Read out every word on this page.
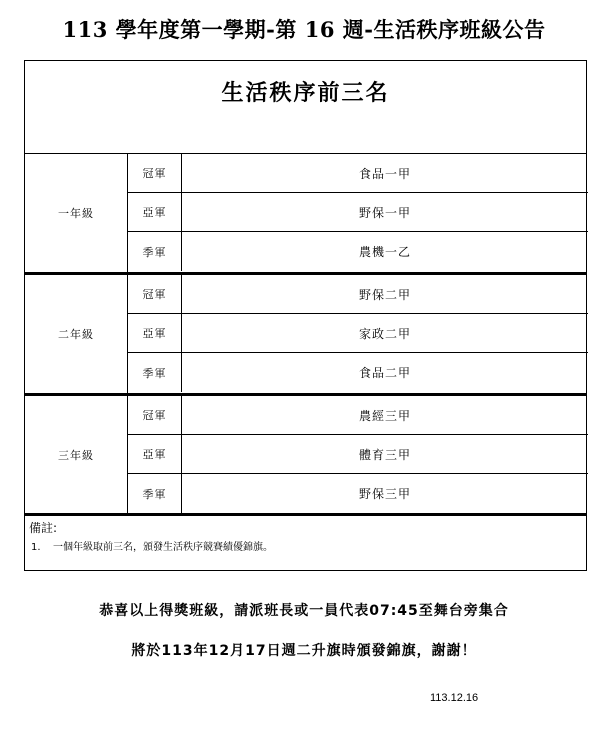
113 學年度第一學期-第 16 週-生活秩序班級公告
生活秩序前三名
一年級
冠軍	食品一甲
亞軍	野保一甲
季軍	農機一乙
二年級
冠軍	野保二甲
亞軍	家政二甲
季軍	食品二甲
三年級
冠軍	農經三甲
亞軍	體育三甲
季軍	野保三甲
備註:
1. 一個年級取前三名，頒發生活秩序競賽績優錦旗。
恭喜以上得獎班級，請派班長或一員代表07:45至舞台旁集合
將於113年12月17日週二升旗時頒發錦旗，謝謝！
113.12.16
